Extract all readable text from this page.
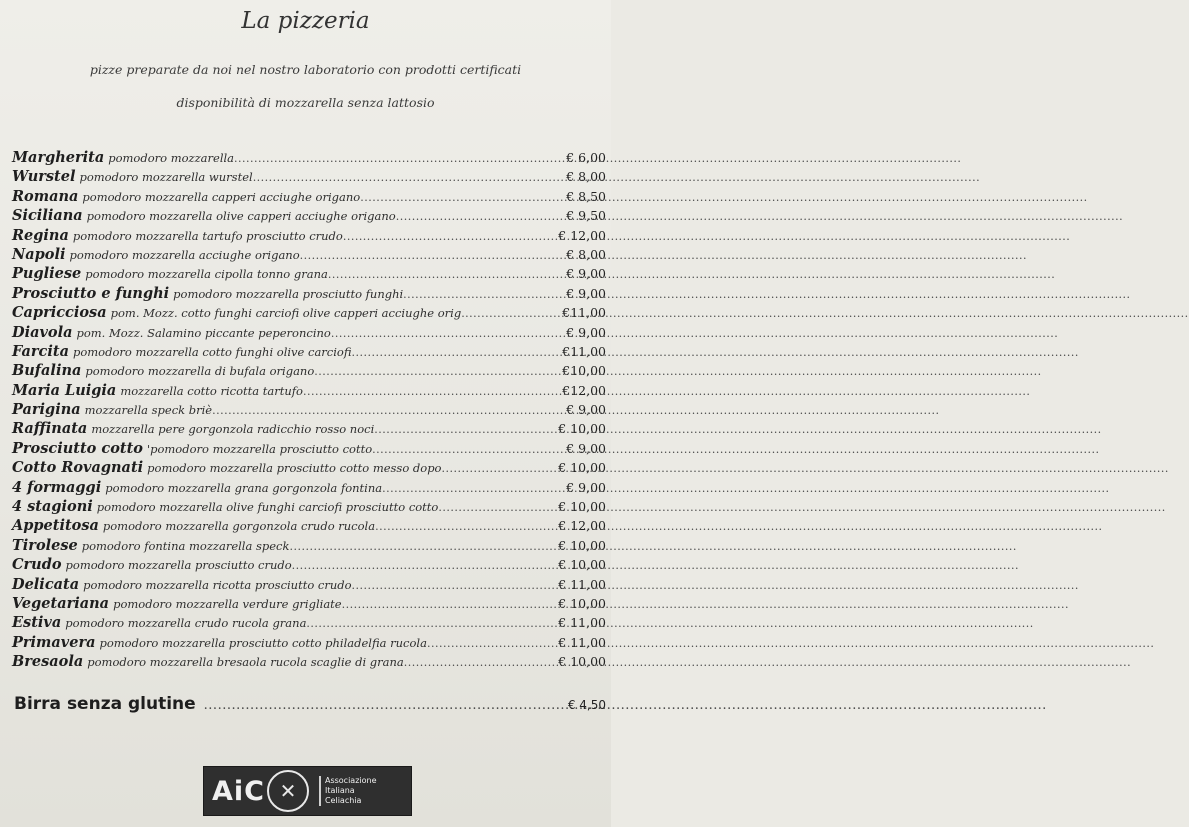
La pizzeria
pizze preparate da noi nel nostro laboratorio con prodotti certificati
disponibilità di mozzarella senza lattosio
Margherita pomodoro mozzarella .....	€ 6,00
Wurstel pomodoro mozzarella wurstel .....	€ 8,00
Romana pomodoro mozzarella capperi acciughe origano .....	€ 8,50
Siciliana pomodoro mozzarella olive capperi acciughe origano .....	€ 9,50
Regina pomodoro mozzarella tartufo prosciutto crudo .....	€ 12,00
Napoli pomodoro mozzarella acciughe origano .....	€ 8,00
Pugliese pomodoro mozzarella cipolla tonno grana .....	€ 9,00
Prosciutto e funghi pomodoro mozzarella prosciutto funghi .....	€ 9,00
Capricciosa pom. Mozz. cotto funghi carciofi olive capperi acciughe orig .....	€11,00
Diavola pom. Mozz. Salamino piccante peperoncino .....	€ 9,00
Farcita pomodoro mozzarella cotto funghi olive carciofi .....	€11,00
Bufalina pomodoro mozzarella di bufala origano .....	€10,00
Maria Luigia mozzarella cotto ricotta tartufo .....	€12,00
Parigina mozzarella speck briè .....	€ 9,00
Raffinata mozzarella pere gorgonzola radicchio rosso noci .....	€ 10,00
Prosciutto cotto 'pomodoro mozzarella prosciutto cotto .....	€ 9,00
Cotto Rovagnati pomodoro mozzarella prosciutto cotto messo dopo .....	€ 10,00
4 formaggi pomodoro mozzarella grana gorgonzola fontina .....	€ 9,00
4 stagioni pomodoro mozzarella olive funghi carciofi prosciutto cotto .....	€ 10,00
Appetitosa pomodoro mozzarella gorgonzola crudo rucola .....	€ 12,00
Tirolese pomodoro fontina mozzarella speck .....	€ 10,00
Crudo pomodoro mozzarella prosciutto crudo .....	€ 10,00
Delicata pomodoro mozzarella ricotta prosciutto crudo .....	€ 11,00
Vegetariana pomodoro mozzarella verdure grigliate .....	€ 10,00
Estiva pomodoro mozzarella crudo rucola grana .....	€ 11,00
Primavera pomodoro mozzarella prosciutto cotto philadelfia rucola .....	€ 11,00
Bresaola pomodoro mozzarella bresaola rucola scaglie di grana .....	€ 10,00
Birra senza glutine .....	€ 4,50
AiC ✕	Associazione
Italiana
Celiachia
